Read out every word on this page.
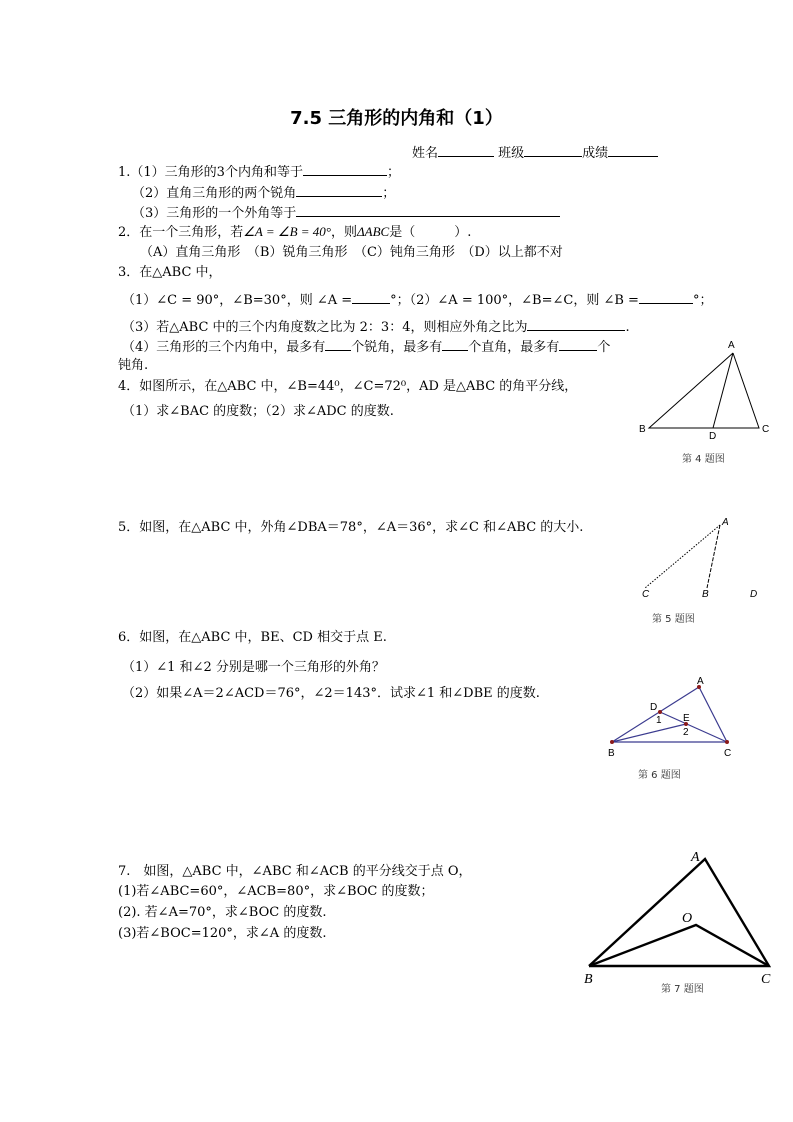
7.5 三角形的内角和（1）
姓名	班级	成绩
1.（1）三角形的3个内角和等于	；
（2）直角三角形的两个锐角	；
（3）三角形的一个外角等于
2．在一个三角形，若∠A = ∠B = 40°，则ΔABC是（　　　）.
（A）直角三角形　（B）锐角三角形　（C）钝角三角形　（D）以上都不对
3．在△ABC 中，
（1）∠C = 90°，∠B=30°，则 ∠A =	°；（2）∠A = 100°，∠B=∠C，则 ∠B =	°；
（3）若△ABC 中的三个内角度数之比为 2：3：4，则相应外角之比为	.
（4）三角形的三个内角中，最多有 个锐角，最多有 个直角，最多有	个
钝角.
4．如图所示，在△ABC 中，∠B=44⁰，∠C=72⁰，AD 是△ABC 的角平分线，
（1）求∠BAC 的度数；（2）求∠ADC 的度数.
A
B
D
C
第 4 题图
5．如图，在△ABC 中，外角∠DBA＝78°，∠A＝36°，求∠C 和∠ABC 的大小.	A
C	B	D
第 5 题图
6．如图，在△ABC 中，BE、CD 相交于点 E.
（1）∠1 和∠2 分别是哪一个三角形的外角？
（2）如果∠A＝2∠ACD＝76°，∠2＝143°．试求∠1 和∠DBE 的度数.
A
D
E
1
2
B	C
第 6 题图
7.　如图，△ABC 中，∠ABC 和∠ACB 的平分线交于点 O，
(1)若∠ABC=60°，∠ACB=80°，求∠BOC 的度数；
(2). 若∠A=70°，求∠BOC 的度数.
(3)若∠BOC=120°，求∠A 的度数.
A
O
B	C
第 7 题图
